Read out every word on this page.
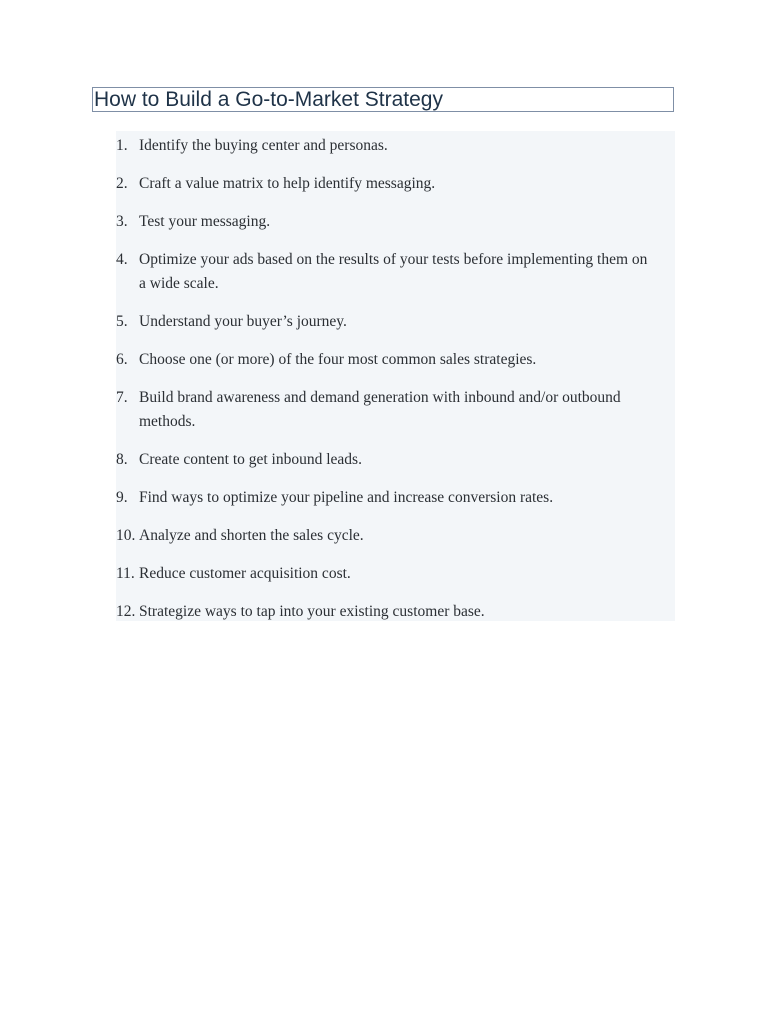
How to Build a Go-to-Market Strategy
1. Identify the buying center and personas.
2. Craft a value matrix to help identify messaging.
3. Test your messaging.
4. Optimize your ads based on the results of your tests before implementing them on a wide scale.
5. Understand your buyer’s journey.
6. Choose one (or more) of the four most common sales strategies.
7. Build brand awareness and demand generation with inbound and/or outbound methods.
8. Create content to get inbound leads.
9. Find ways to optimize your pipeline and increase conversion rates.
10. Analyze and shorten the sales cycle.
11. Reduce customer acquisition cost.
12. Strategize ways to tap into your existing customer base.
